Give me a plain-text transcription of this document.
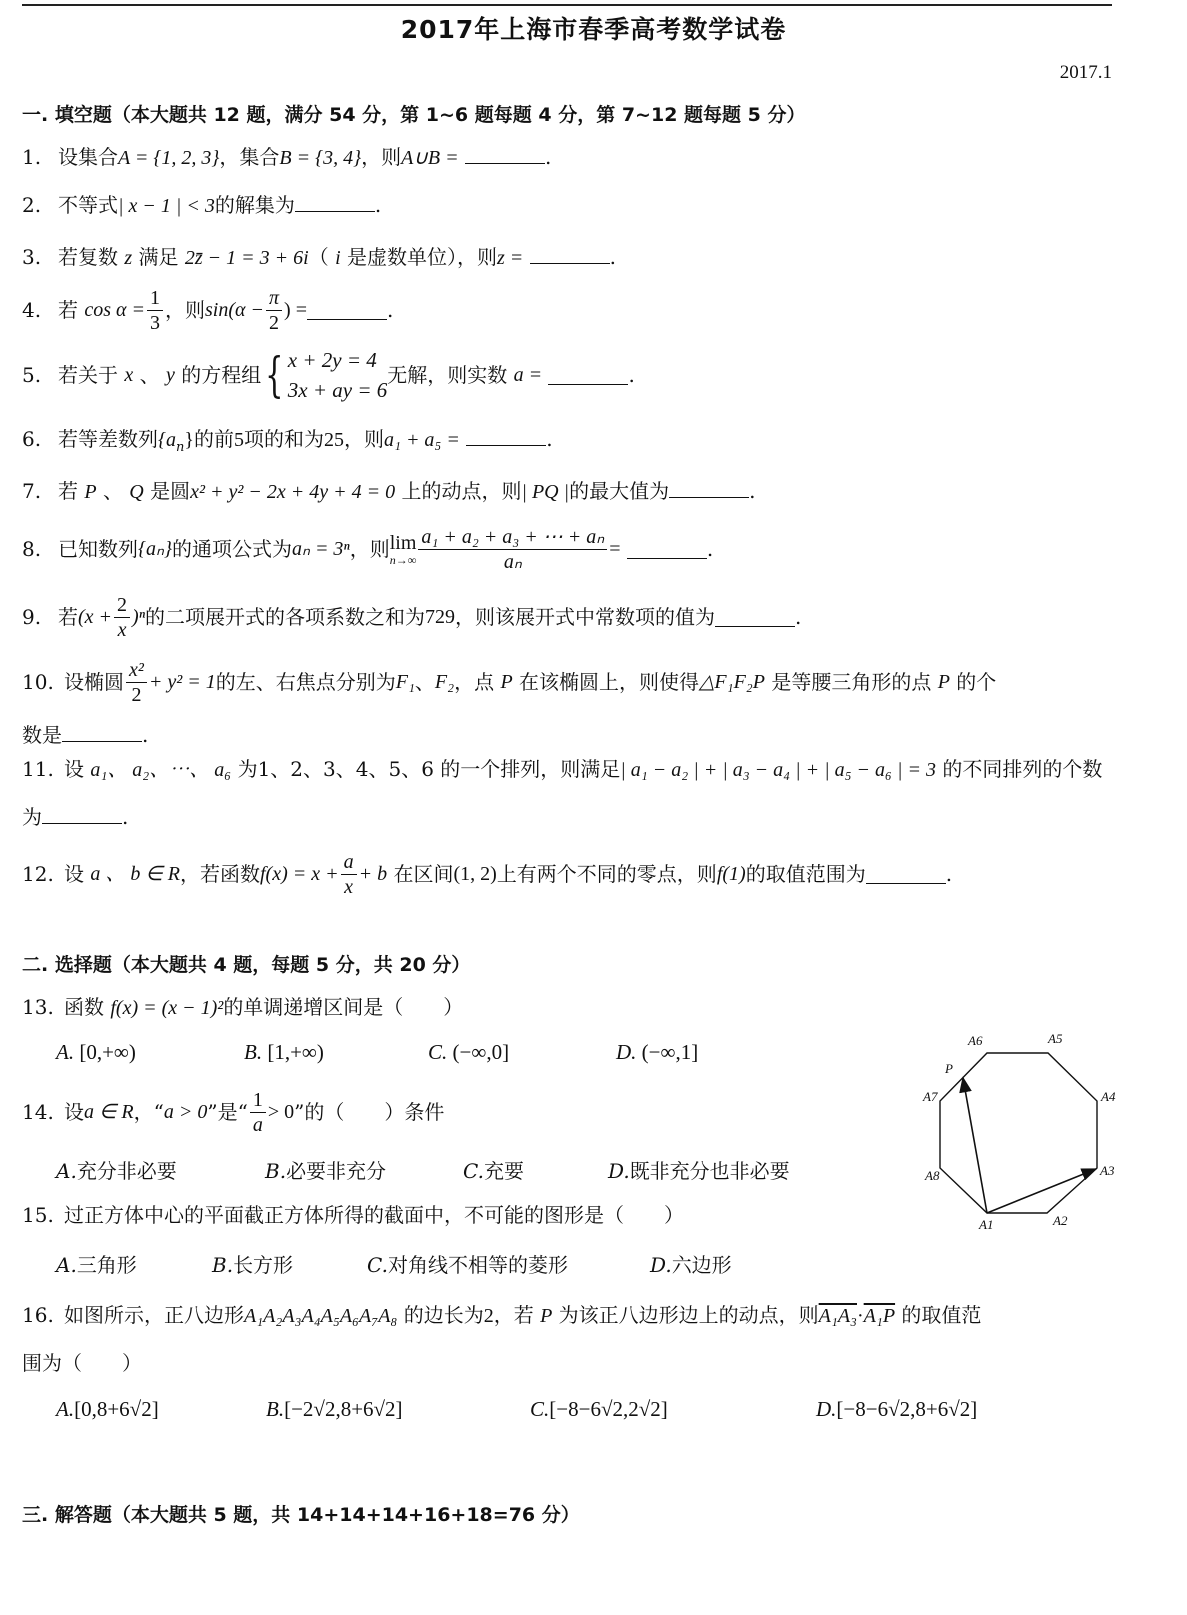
2017年上海市春季高考数学试卷
2017.1
一. 填空题（本大题共 12 题，满分 54 分，第 1~6 题每题 4 分，第 7~12 题每题 5 分）
1. 设集合A = {1, 2, 3}，集合B = {3, 4}，则A∪B =	.
2. 不等式| x − 1 | < 3的解集为	.
3. 若复数 z 满足 2z̄ − 1 = 3 + 6i（ i 是虚数单位），则z =	.
4. 若
$\cos \alpha = \frac{1}{3}$ ，则 $\sin(\alpha - \frac{\pi}{2}$ ) =	.
5. 若关于
x
、
y
的方程组 { x + 2y = 4
3x + ay = 6
无解，则实数
a =
	.
6. 若等差数列$\{a_n\}$的前5项的和为25，则a₁ + a₅ =	.
7. 若 P 、 Q 是圆x² + y² − 2x + 4y + 4 = 0 上的动点，则| PQ |的最大值为	.
8. 已知数列 {aₙ} 的通项公式为 aₙ = 3ⁿ ，则 lim
$n\to\infty \frac{\text{a₁ + a₂ + a₃ + ⋯ + aₙ}}{\text{aₙ}}$ =
	.
9. 若 $(x + \frac{2}{x} )^n$ 的二项展开式的各项系数之和为 729 ，则该展开式中常数项的值为	.
10. 设椭圆 $\frac{\text{x²}}{2} + y^2 = 1$ 的左、右焦点分别为 F₁ 、 F₂ ，点
P
在该椭圆上，则使得 △F₁F₂P
是等腰三角形的点
P
的个
数是	.
11. 设 a₁、 a₂、⋯、 a₆ 为1、2、3、4、5、6 的一个排列，则满足| a₁ − a₂ | + | a₃ − a₄ | + | a₅ − a₆ | = 3 的不同排列的个数
为	.
12. 设
a 、 b ∈ R ，若函数 $f(x) = x + \frac{a}{x} + b$
在区间 (1, 2) 上有两个不同的零点，则 f(1) 的取值范围为	.
二. 选择题（本大题共 4 题，每题 5 分，共 20 分）
13. 函数 f(x) = (x − 1)²的单调递增区间是（　　）
A. [0,+∞)	B. [1,+∞)	C. (−∞,0]	D. (−∞,1]
14. 设 a ∈ R ，“ a > 0 ”是“ $\frac{1}{a} > 0$ ”的（　　）条件
A.充分非必要	B.必要非充分	C.充要	D.既非充分也非必要
15. 过正方体中心的平面截正方体所得的截面中，不可能的图形是（　　）
A.三角形	B.长方形	C.对角线不相等的菱形	D.六边形
16. 如图所示，正八边形A₁A₂A₃A₄A₅A₆A₇A₈ 的边长为2，若 P 为该正八边形边上的动点，则A₁A₃·A₁P 的取值范
围为（　　）
A.[0,8+6√2]	B.[−2√2,8+6√2]	C.[−8−6√2,2√2]	D.[−8−6√2,8+6√2]
三. 解答题（本大题共 5 题，共 14+14+14+16+18=76 分）
A1	A2
A3
A4
A5
A6
A7
A8
P
